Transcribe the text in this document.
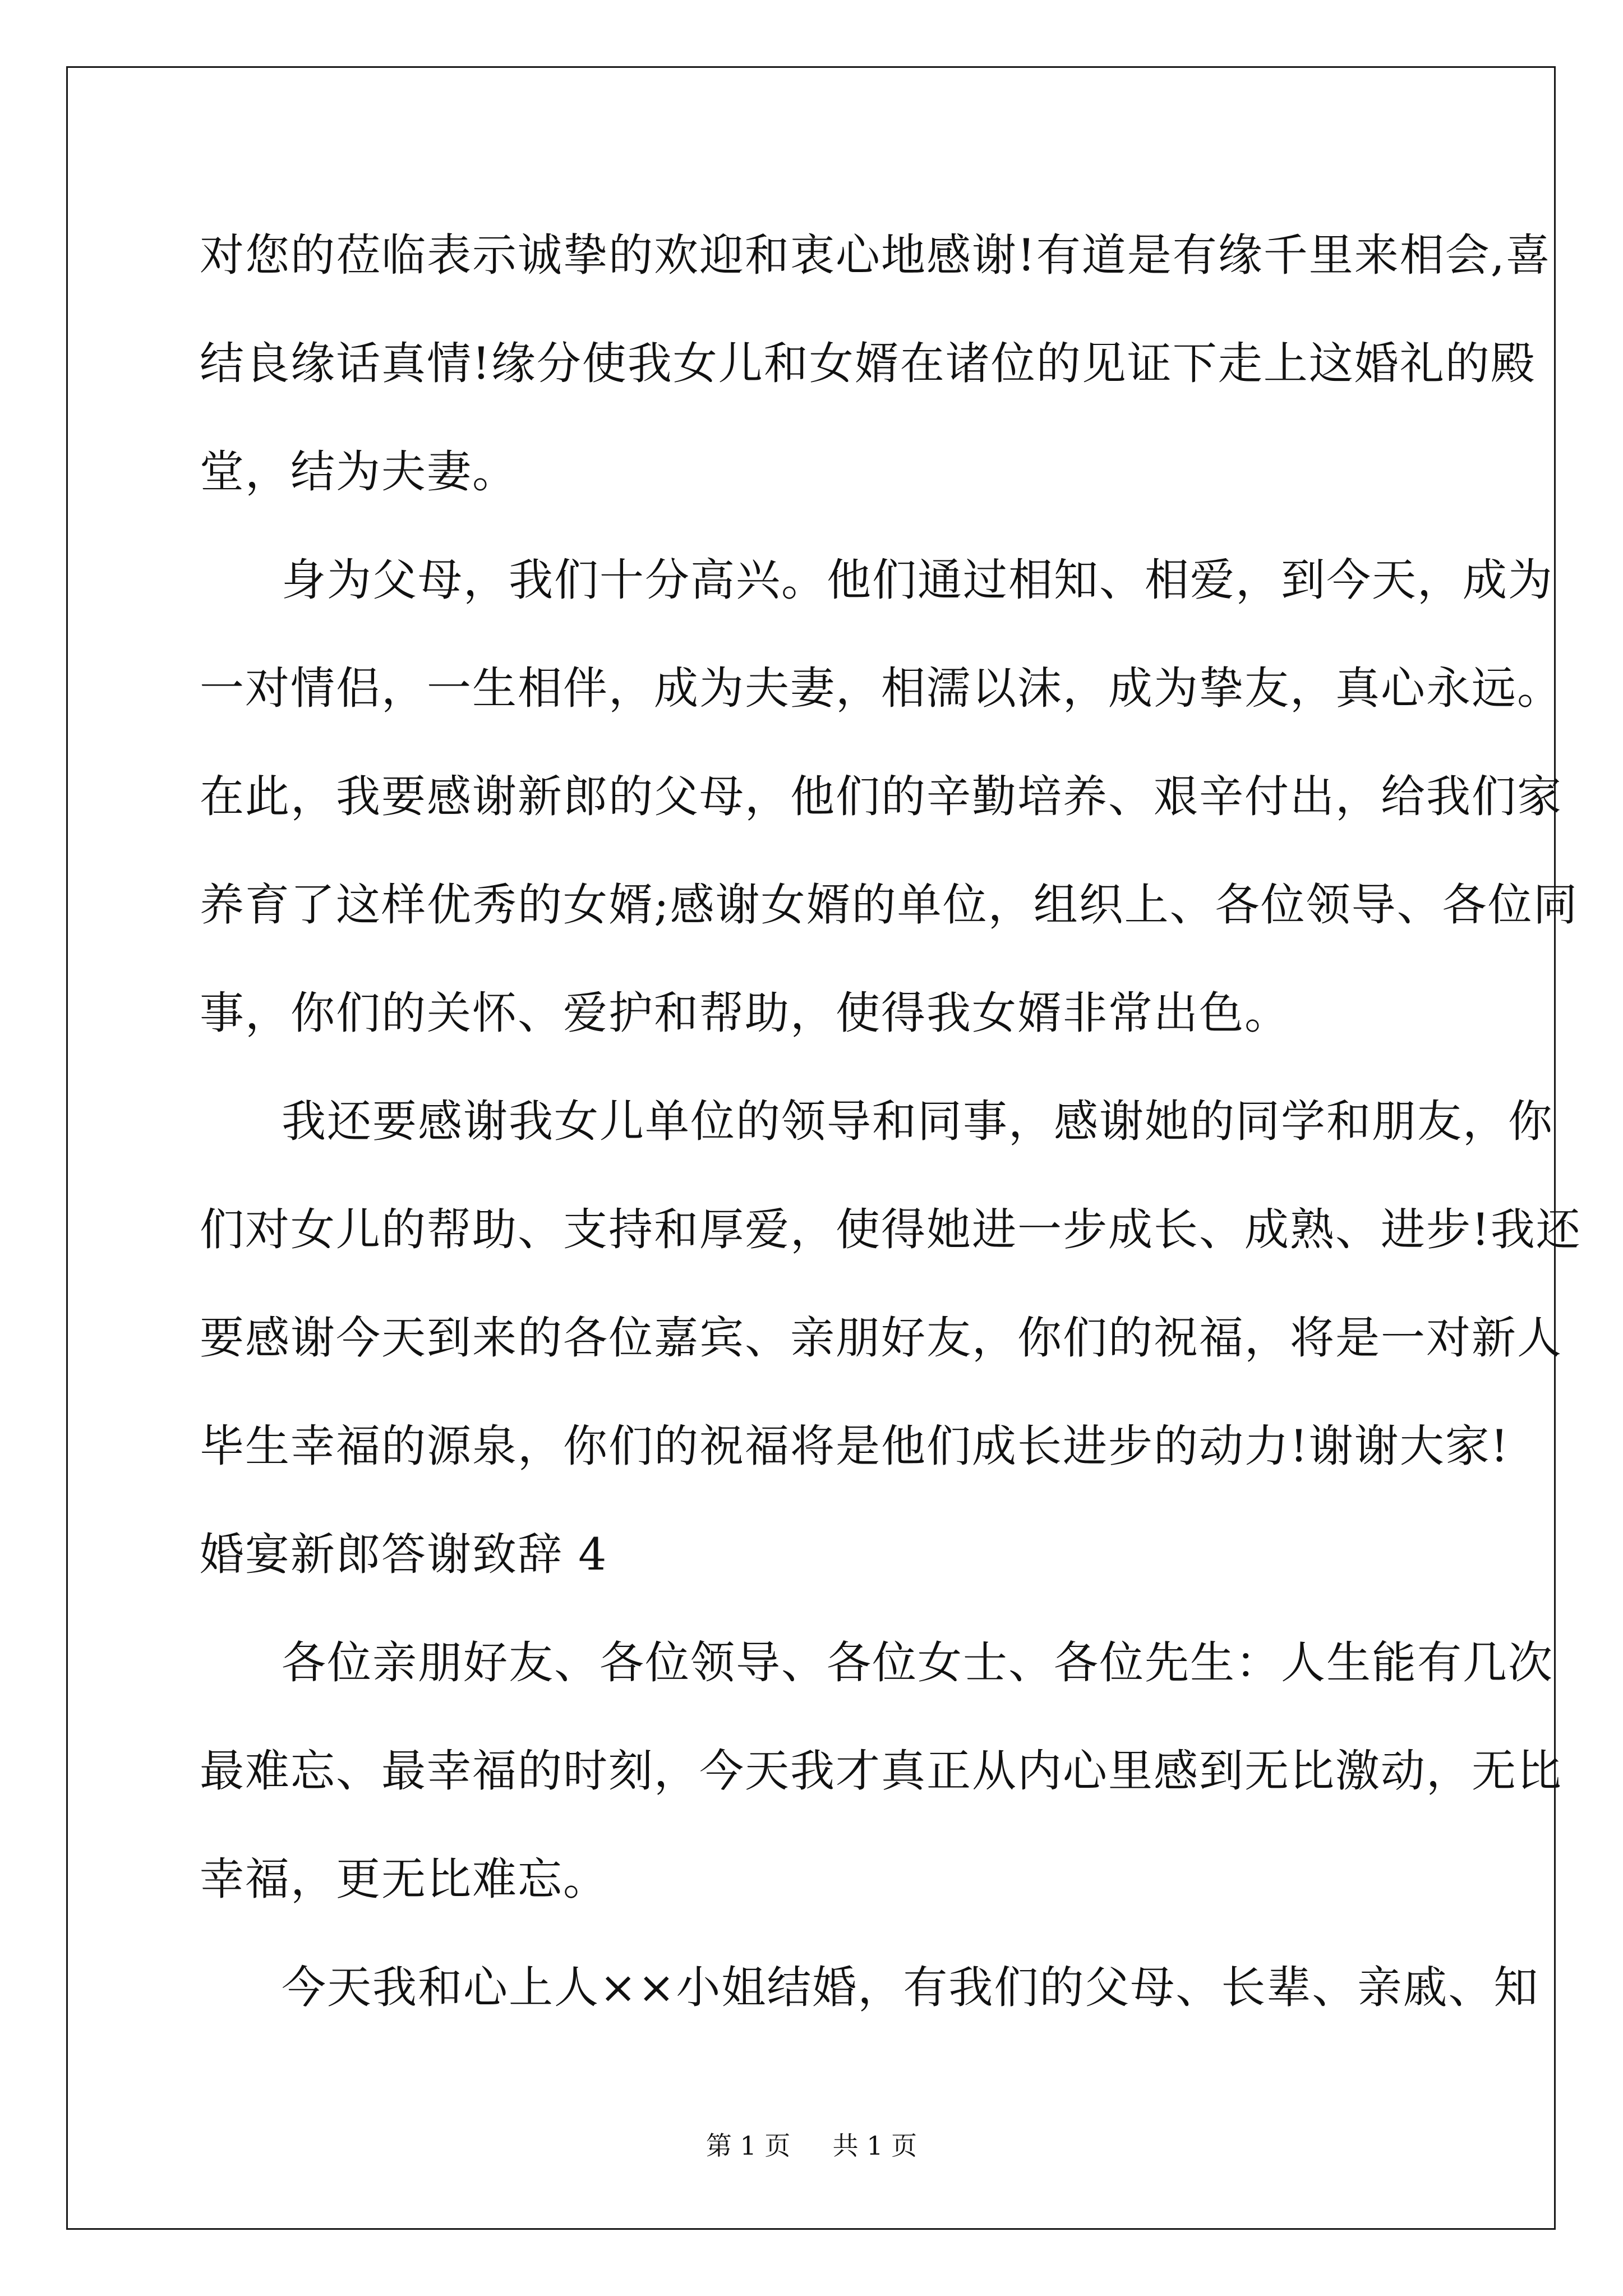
对您的莅临表示诚挚的欢迎和衷心地感谢!有道是有缘千里来相会,喜
结良缘话真情!缘分使我女儿和女婿在诸位的见证下走上这婚礼的殿
堂，结为夫妻。
身为父母，我们十分高兴。他们通过相知、相爱，到今天，成为
一对情侣，一生相伴，成为夫妻，相濡以沫，成为挚友，真心永远。
在此，我要感谢新郎的父母，他们的辛勤培养、艰辛付出，给我们家
养育了这样优秀的女婿;感谢女婿的单位，组织上、各位领导、各位同
事，你们的关怀、爱护和帮助，使得我女婿非常出色。
我还要感谢我女儿单位的领导和同事，感谢她的同学和朋友，你
们对女儿的帮助、支持和厚爱，使得她进一步成长、成熟、进步!我还
要感谢今天到来的各位嘉宾、亲朋好友，你们的祝福，将是一对新人
毕生幸福的源泉，你们的祝福将是他们成长进步的动力!谢谢大家!
婚宴新郎答谢致辞 4
各位亲朋好友、各位领导、各位女士、各位先生：人生能有几次
最难忘、最幸福的时刻，今天我才真正从内心里感到无比激动，无比
幸福，更无比难忘。
今天我和心上人××小姐结婚，有我们的父母、长辈、亲戚、知
第 1 页 共 1 页
